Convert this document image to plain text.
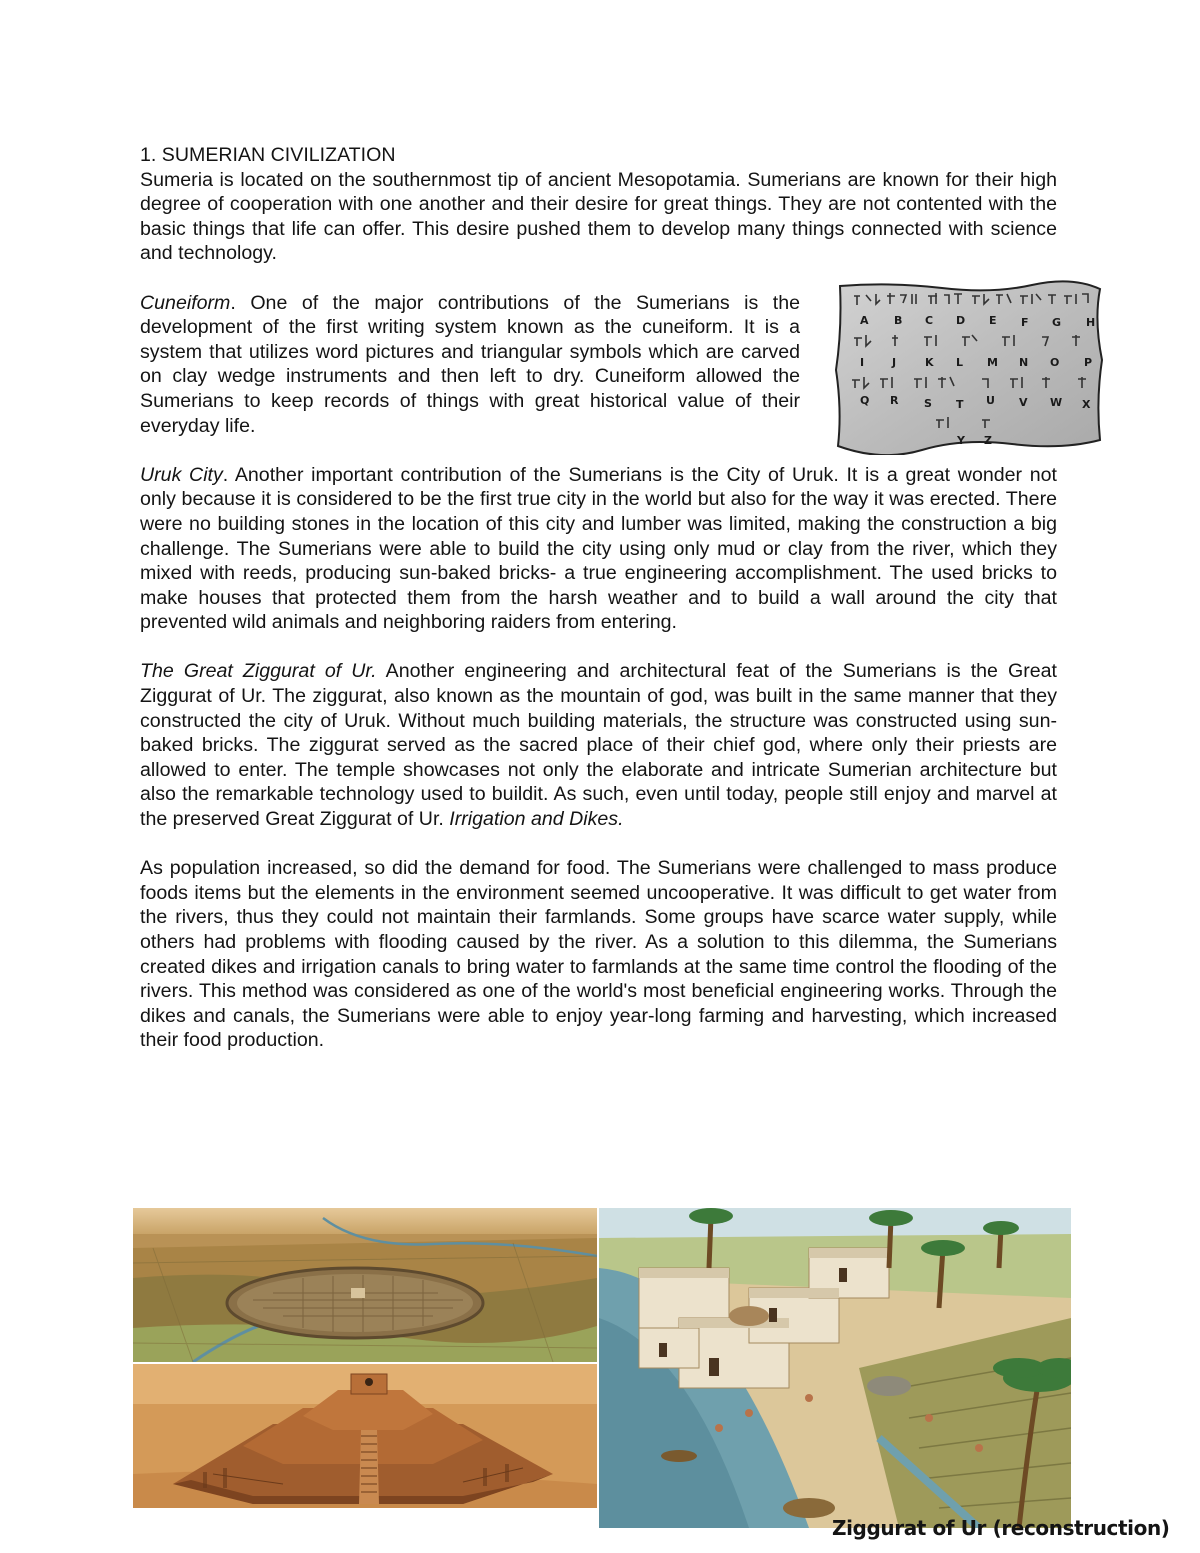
1. SUMERIAN CIVILIZATION

Sumeria is located on the southernmost tip of ancient Mesopotamia. Sumerians are known for their high degree of cooperation with one another and their desire for great things. They are not contented with the basic things that life can offer. This desire pushed them to develop many things connected with science and technology.

Cuneiform. One of the major contributions of the Sumerians is the development of the first writing system known as the cuneiform. It is a system that utilizes word pictures and triangular symbols which are carved on clay wedge instruments and then left to dry. Cuneiform allowed the Sumerians to keep records of things with great historical value of their everyday life.

Uruk City. Another important contribution of the Sumerians is the City of Uruk. It is a great wonder not only because it is considered to be the first true city in the world but also for the way it was erected. There were no building stones in the location of this city and lumber was limited, making the construction a big challenge. The Sumerians were able to build the city using only mud or clay from the river, which they mixed with reeds, producing sun-baked bricks- a true engineering accomplishment. The used bricks to make houses that protected them from the harsh weather and to build a wall around the city that prevented wild animals and neighboring raiders from entering.

The Great Ziggurat of Ur. Another engineering and architectural feat of the Sumerians is the Great Ziggurat of Ur. The ziggurat, also known as the mountain of god, was built in the same manner that they constructed the city of Uruk. Without much building materials, the structure was constructed using sun-baked bricks. The ziggurat served as the sacred place of their chief god, where only their priests are allowed to enter. The temple showcases not only the elaborate and intricate Sumerian architecture but also the remarkable technology used to buildit. As such, even until today, people still enjoy and marvel at the preserved Great Ziggurat of Ur. Irrigation and Dikes.

As population increased, so did the demand for food. The Sumerians were challenged to mass produce foods items but the elements in the environment seemed uncooperative. It was difficult to get water from the rivers, thus they could not maintain their farmlands. Some groups have scarce water supply, while others had problems with flooding caused by the river. As a solution to this dilemma, the Sumerians created dikes and irrigation canals to bring water to farmlands at the same time control the flooding of the rivers. This method was considered as one of the world's most beneficial engineering works. Through the dikes and canals, the Sumerians were able to enjoy year-long farming and harvesting, which increased their food production.

A B C D E F G H
I	J	K L M N O P
Q R S T U V W X
Y Z
Ziggurat of Ur (reconstruction)
